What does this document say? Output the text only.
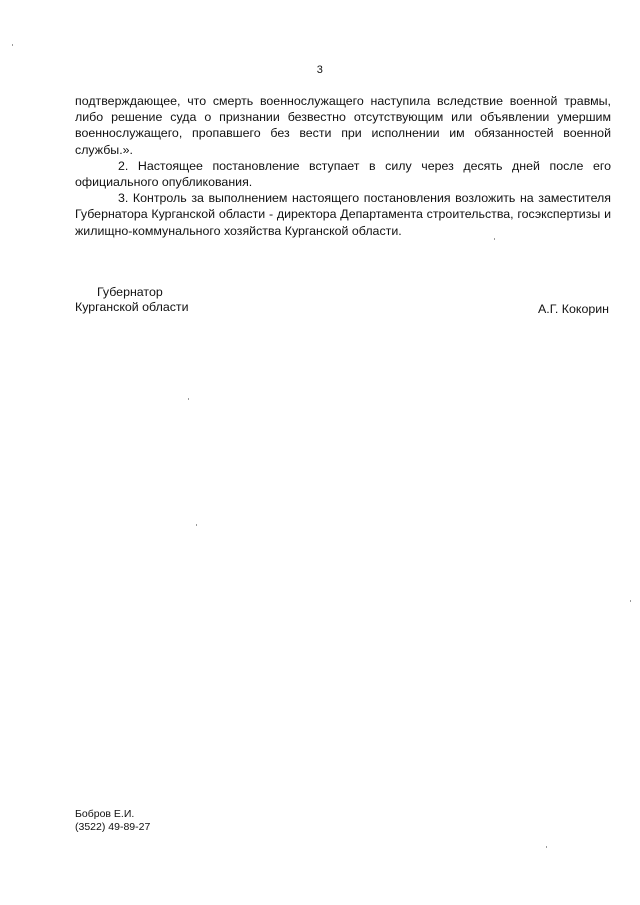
3

подтверждающее, что смерть военнослужащего наступила вследствие военной травмы, либо решение суда о признании безвестно отсутствующим или объявлении умершим военнослужащего, пропавшего без вести при исполнении им обязанностей военной службы.».

2. Настоящее постановление вступает в силу через десять дней после его официального опубликования.

3. Контроль за выполнением настоящего постановления возложить на заместителя Губернатора Курганской области - директора Департамента строительства, госэкспертизы и жилищно-коммунального хозяйства Курганской области.

Губернатор
Курганской области	А.Г. Кокорин
Бобров Е.И.
(3522) 49-89-27
